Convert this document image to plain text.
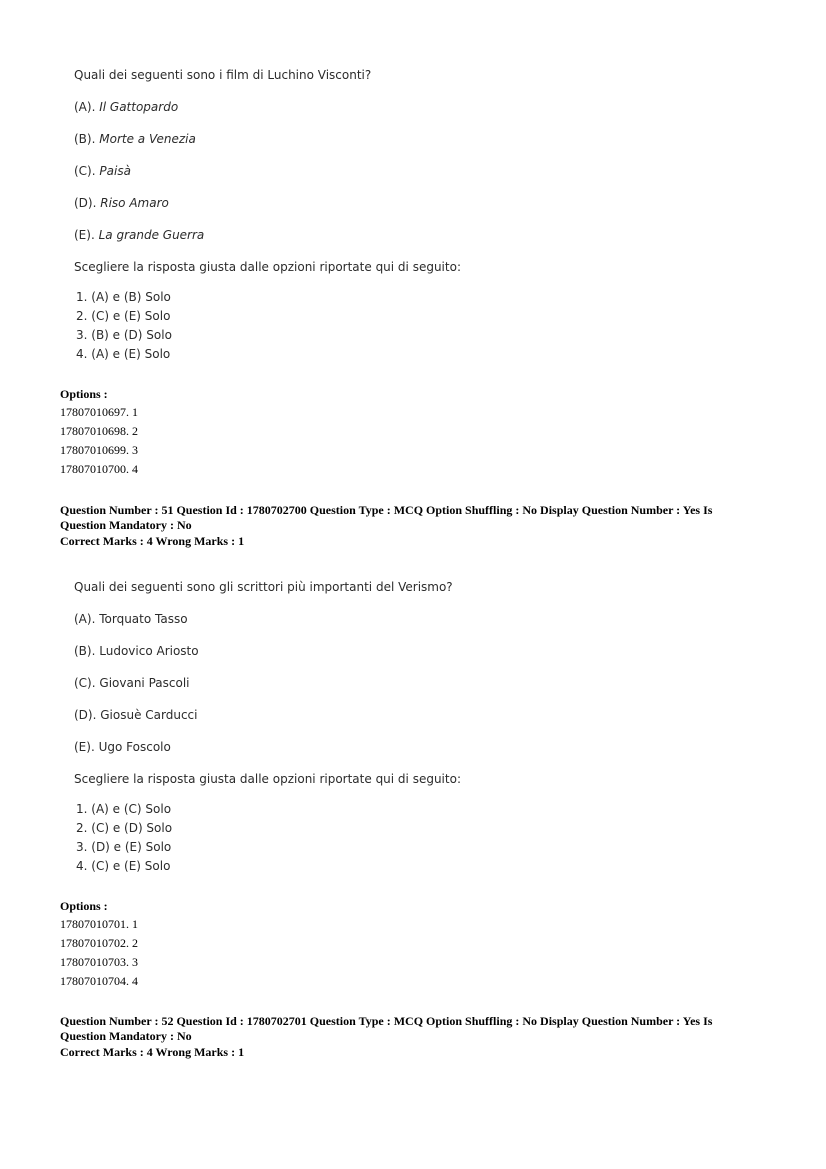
Quali dei seguenti sono i film di Luchino Visconti?

(A). Il Gattopardo

(B). Morte a Venezia

(C). Paisà

(D). Riso Amaro

(E). La grande Guerra

Scegliere la risposta giusta dalle opzioni riportate qui di seguito:

1. (A) e (B) Solo
2. (C) e (E) Solo
3. (B) e (D) Solo
4. (A) e (E) Solo
Options :
17807010697. 1
17807010698. 2
17807010699. 3
17807010700. 4
Question Number : 51 Question Id : 1780702700 Question Type : MCQ Option Shuffling : No Display Question Number : Yes Is
Question Mandatory : No
Correct Marks : 4 Wrong Marks : 1

Quali dei seguenti sono gli scrittori più importanti del Verismo?

(A). Torquato Tasso

(B). Ludovico Ariosto

(C). Giovani Pascoli

(D). Giosuè Carducci

(E). Ugo Foscolo

Scegliere la risposta giusta dalle opzioni riportate qui di seguito:

1. (A) e (C) Solo
2. (C) e (D) Solo
3. (D) e (E) Solo
4. (C) e (E) Solo
Options :
17807010701. 1
17807010702. 2
17807010703. 3
17807010704. 4
Question Number : 52 Question Id : 1780702701 Question Type : MCQ Option Shuffling : No Display Question Number : Yes Is
Question Mandatory : No
Correct Marks : 4 Wrong Marks : 1
